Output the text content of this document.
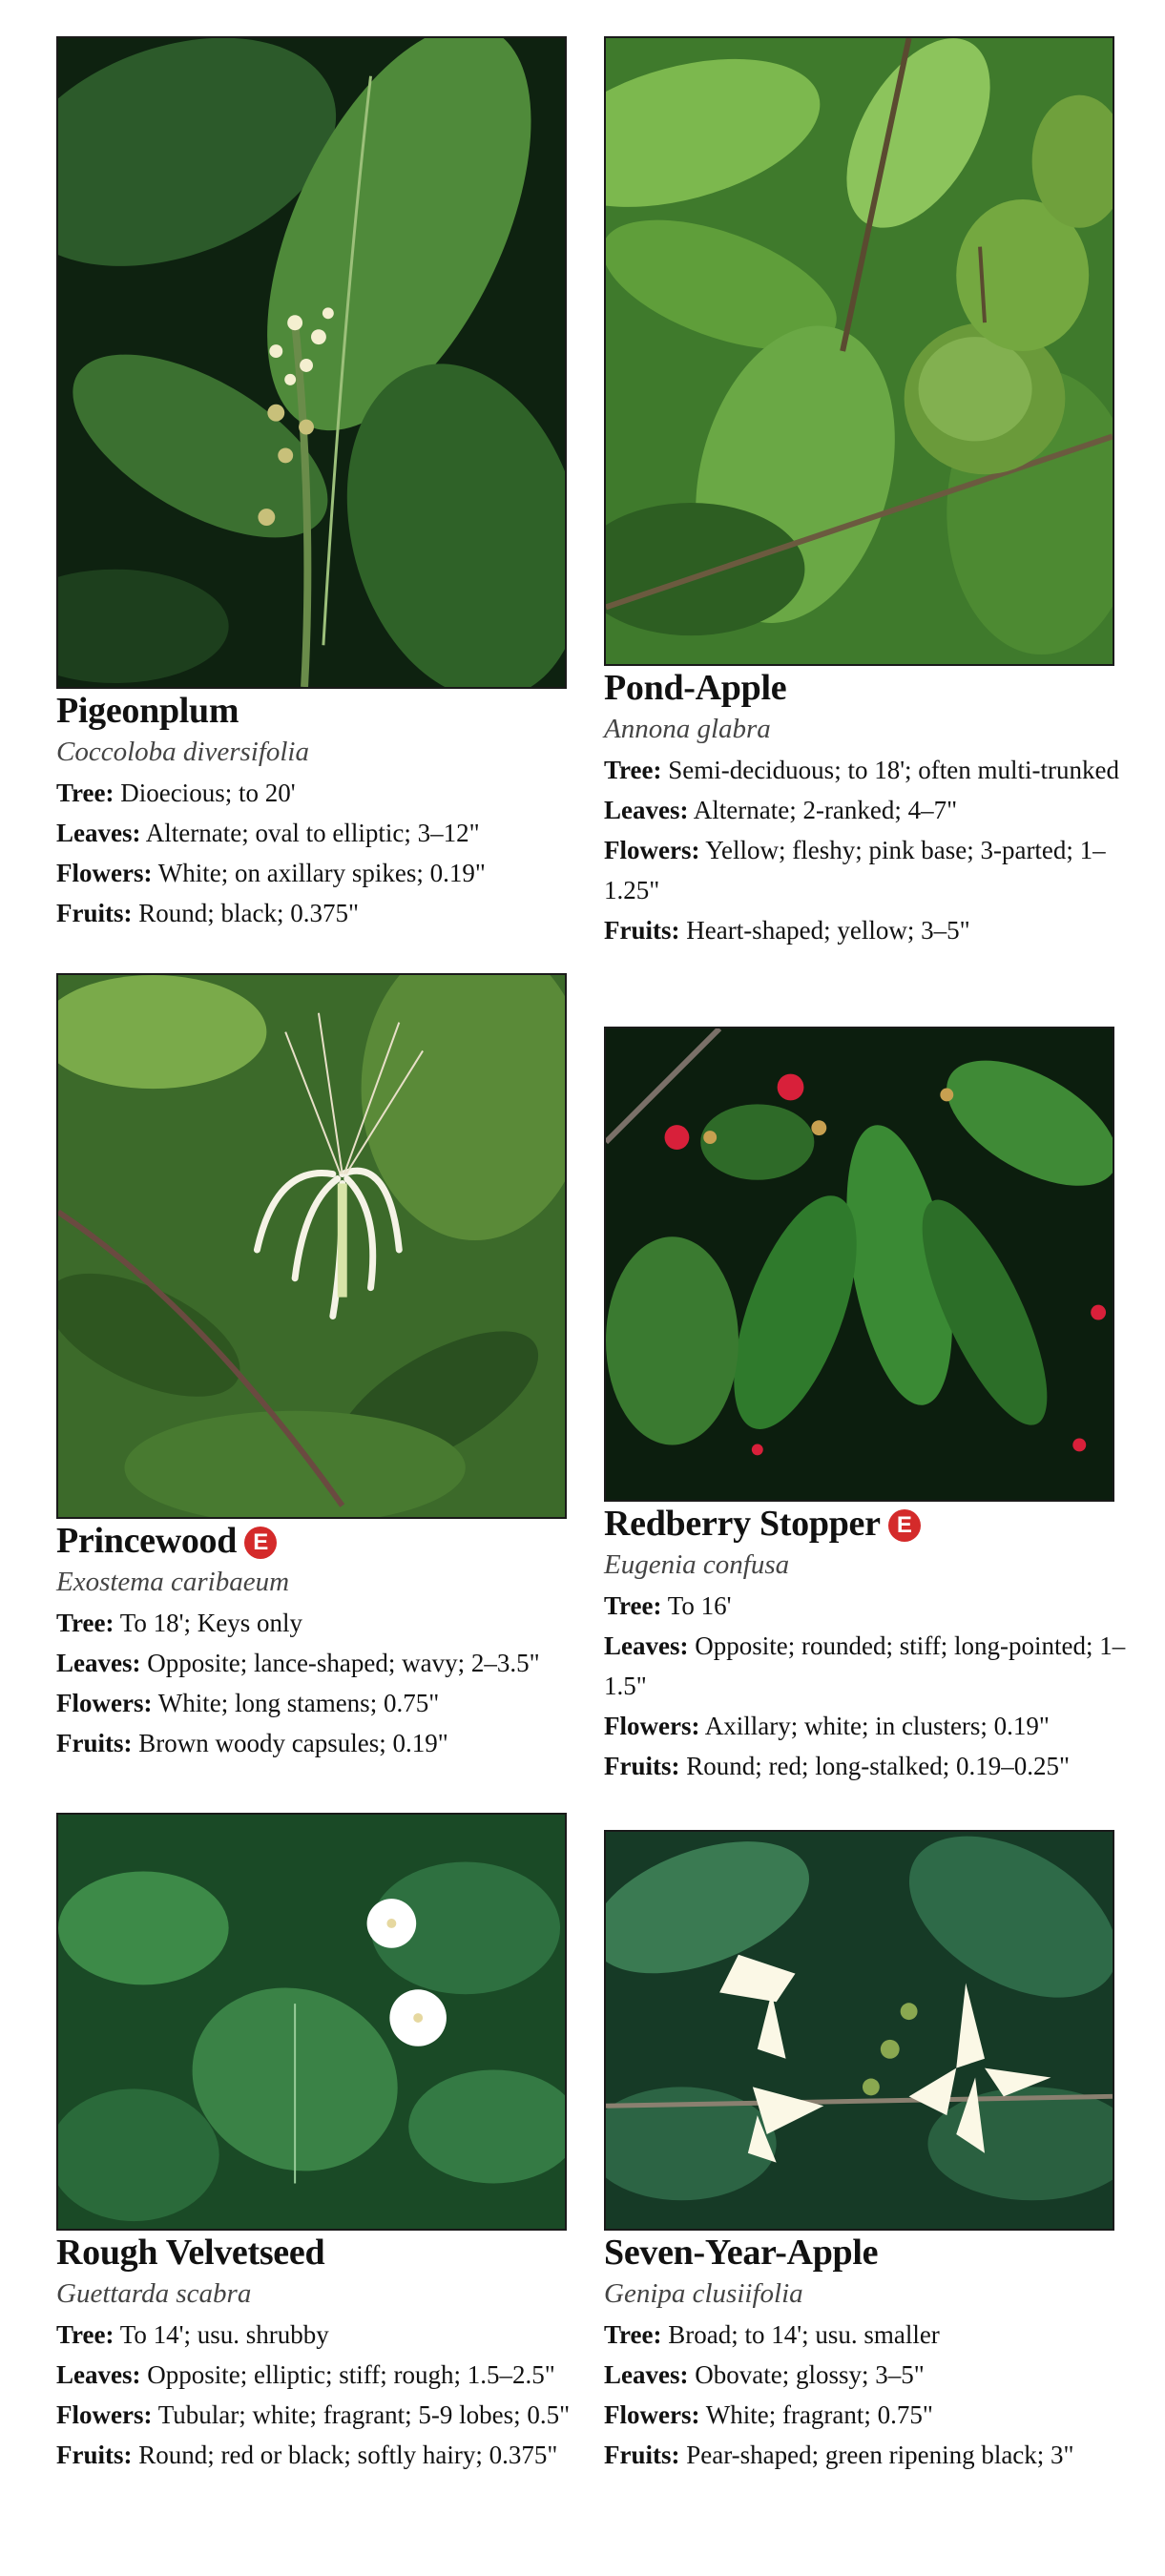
Pigeonplum

Coccoloba diversifolia

Tree: Dioecious; to 20'

Leaves: Alternate; oval to elliptic; 3–12"

Flowers: White; on axillary spikes; 0.19"

Fruits: Round; black; 0.375"

Pond-Apple

Annona glabra

Tree: Semi-deciduous; to 18'; often multi-trunked

Leaves: Alternate; 2-ranked; 4–7"

Flowers: Yellow; fleshy; pink base; 3-parted; 1–1.25"

Fruits: Heart-shaped; yellow; 3–5"

Princewood E

Exostema caribaeum

Tree: To 18'; Keys only

Leaves: Opposite; lance-shaped; wavy; 2–3.5"

Flowers: White; long stamens; 0.75"

Fruits: Brown woody capsules; 0.19"

Redberry Stopper E

Eugenia confusa

Tree: To 16'

Leaves: Opposite; rounded; stiff; long-pointed; 1–1.5"

Flowers: Axillary; white; in clusters; 0.19"

Fruits: Round; red; long-stalked; 0.19–0.25"

Rough Velvetseed

Guettarda scabra

Tree: To 14'; usu. shrubby

Leaves: Opposite; elliptic; stiff; rough; 1.5–2.5"

Flowers: Tubular; white; fragrant; 5-9 lobes; 0.5"

Fruits: Round; red or black; softly hairy; 0.375"

Seven-Year-Apple

Genipa clusiifolia

Tree: Broad; to 14'; usu. smaller

Leaves: Obovate; glossy; 3–5"

Flowers: White; fragrant; 0.75"

Fruits: Pear-shaped; green ripening black; 3"
